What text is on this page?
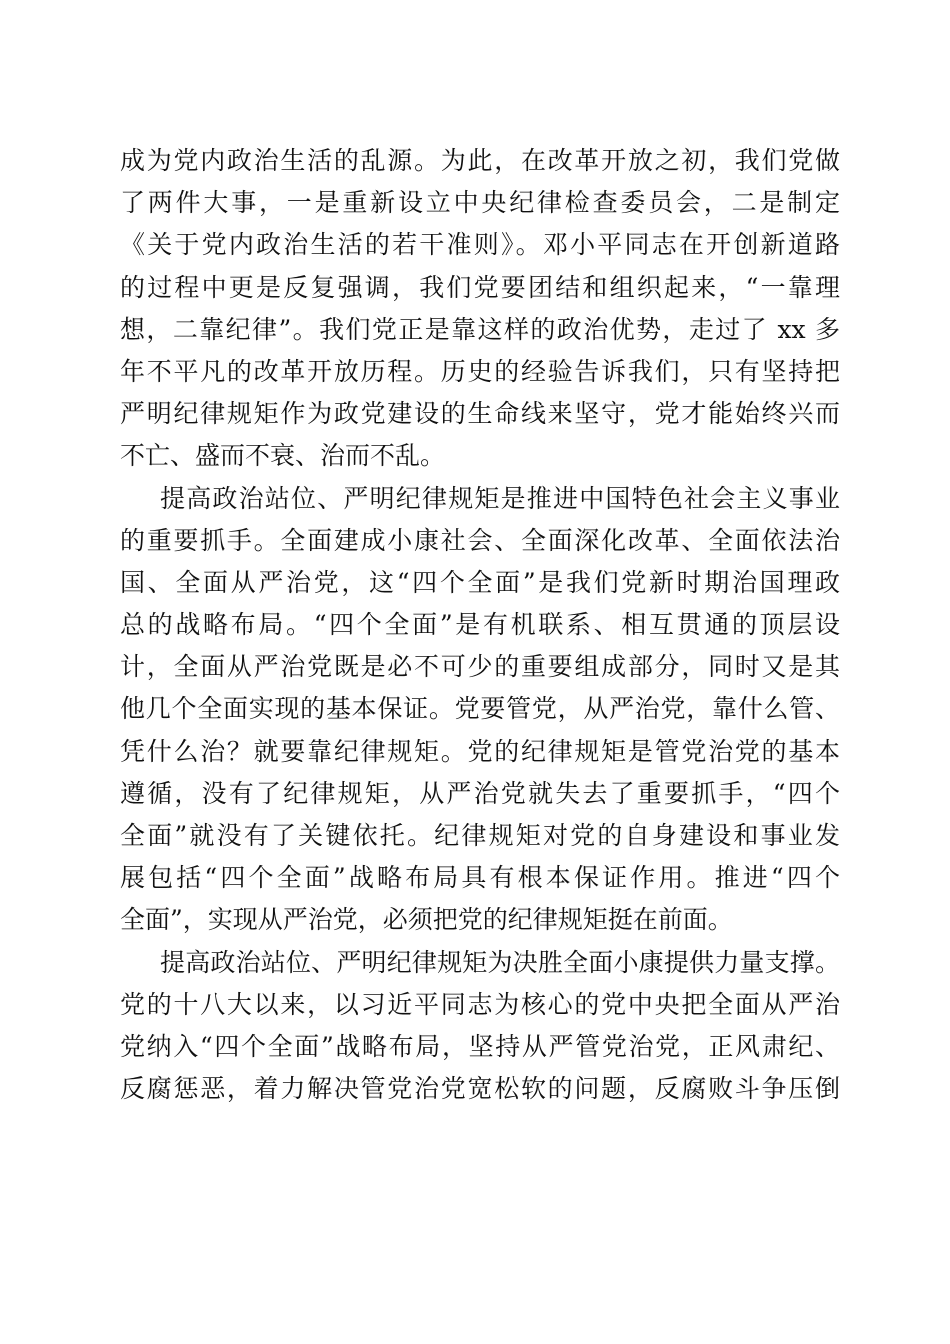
成为党内政治生活的乱源。为此，在改革开放之初，我们党做
了两件大事，一是重新设立中央纪律检查委员会，二是制定
《关于党内政治生活的若干准则》。邓小平同志在开创新道路
的过程中更是反复强调，我们党要团结和组织起来，“一靠理
想，二靠纪律”。我们党正是靠这样的政治优势，走过了 xx 多
年不平凡的改革开放历程。历史的经验告诉我们，只有坚持把
严明纪律规矩作为政党建设的生命线来坚守，党才能始终兴而
不亡、盛而不衰、治而不乱。
提高政治站位、严明纪律规矩是推进中国特色社会主义事业
的重要抓手。全面建成小康社会、全面深化改革、全面依法治
国、全面从严治党，这“四个全面”是我们党新时期治国理政
总的战略布局。“四个全面”是有机联系、相互贯通的顶层设
计，全面从严治党既是必不可少的重要组成部分，同时又是其
他几个全面实现的基本保证。党要管党，从严治党，靠什么管、
凭什么治？就要靠纪律规矩。党的纪律规矩是管党治党的基本
遵循，没有了纪律规矩，从严治党就失去了重要抓手，“四个
全面”就没有了关键依托。纪律规矩对党的自身建设和事业发
展包括“四个全面”战略布局具有根本保证作用。推进“四个
全面”，实现从严治党，必须把党的纪律规矩挺在前面。
提高政治站位、严明纪律规矩为决胜全面小康提供力量支撑。
党的十八大以来，以习近平同志为核心的党中央把全面从严治
党纳入“四个全面”战略布局，坚持从严管党治党，正风肃纪、
反腐惩恶，着力解决管党治党宽松软的问题，反腐败斗争压倒
